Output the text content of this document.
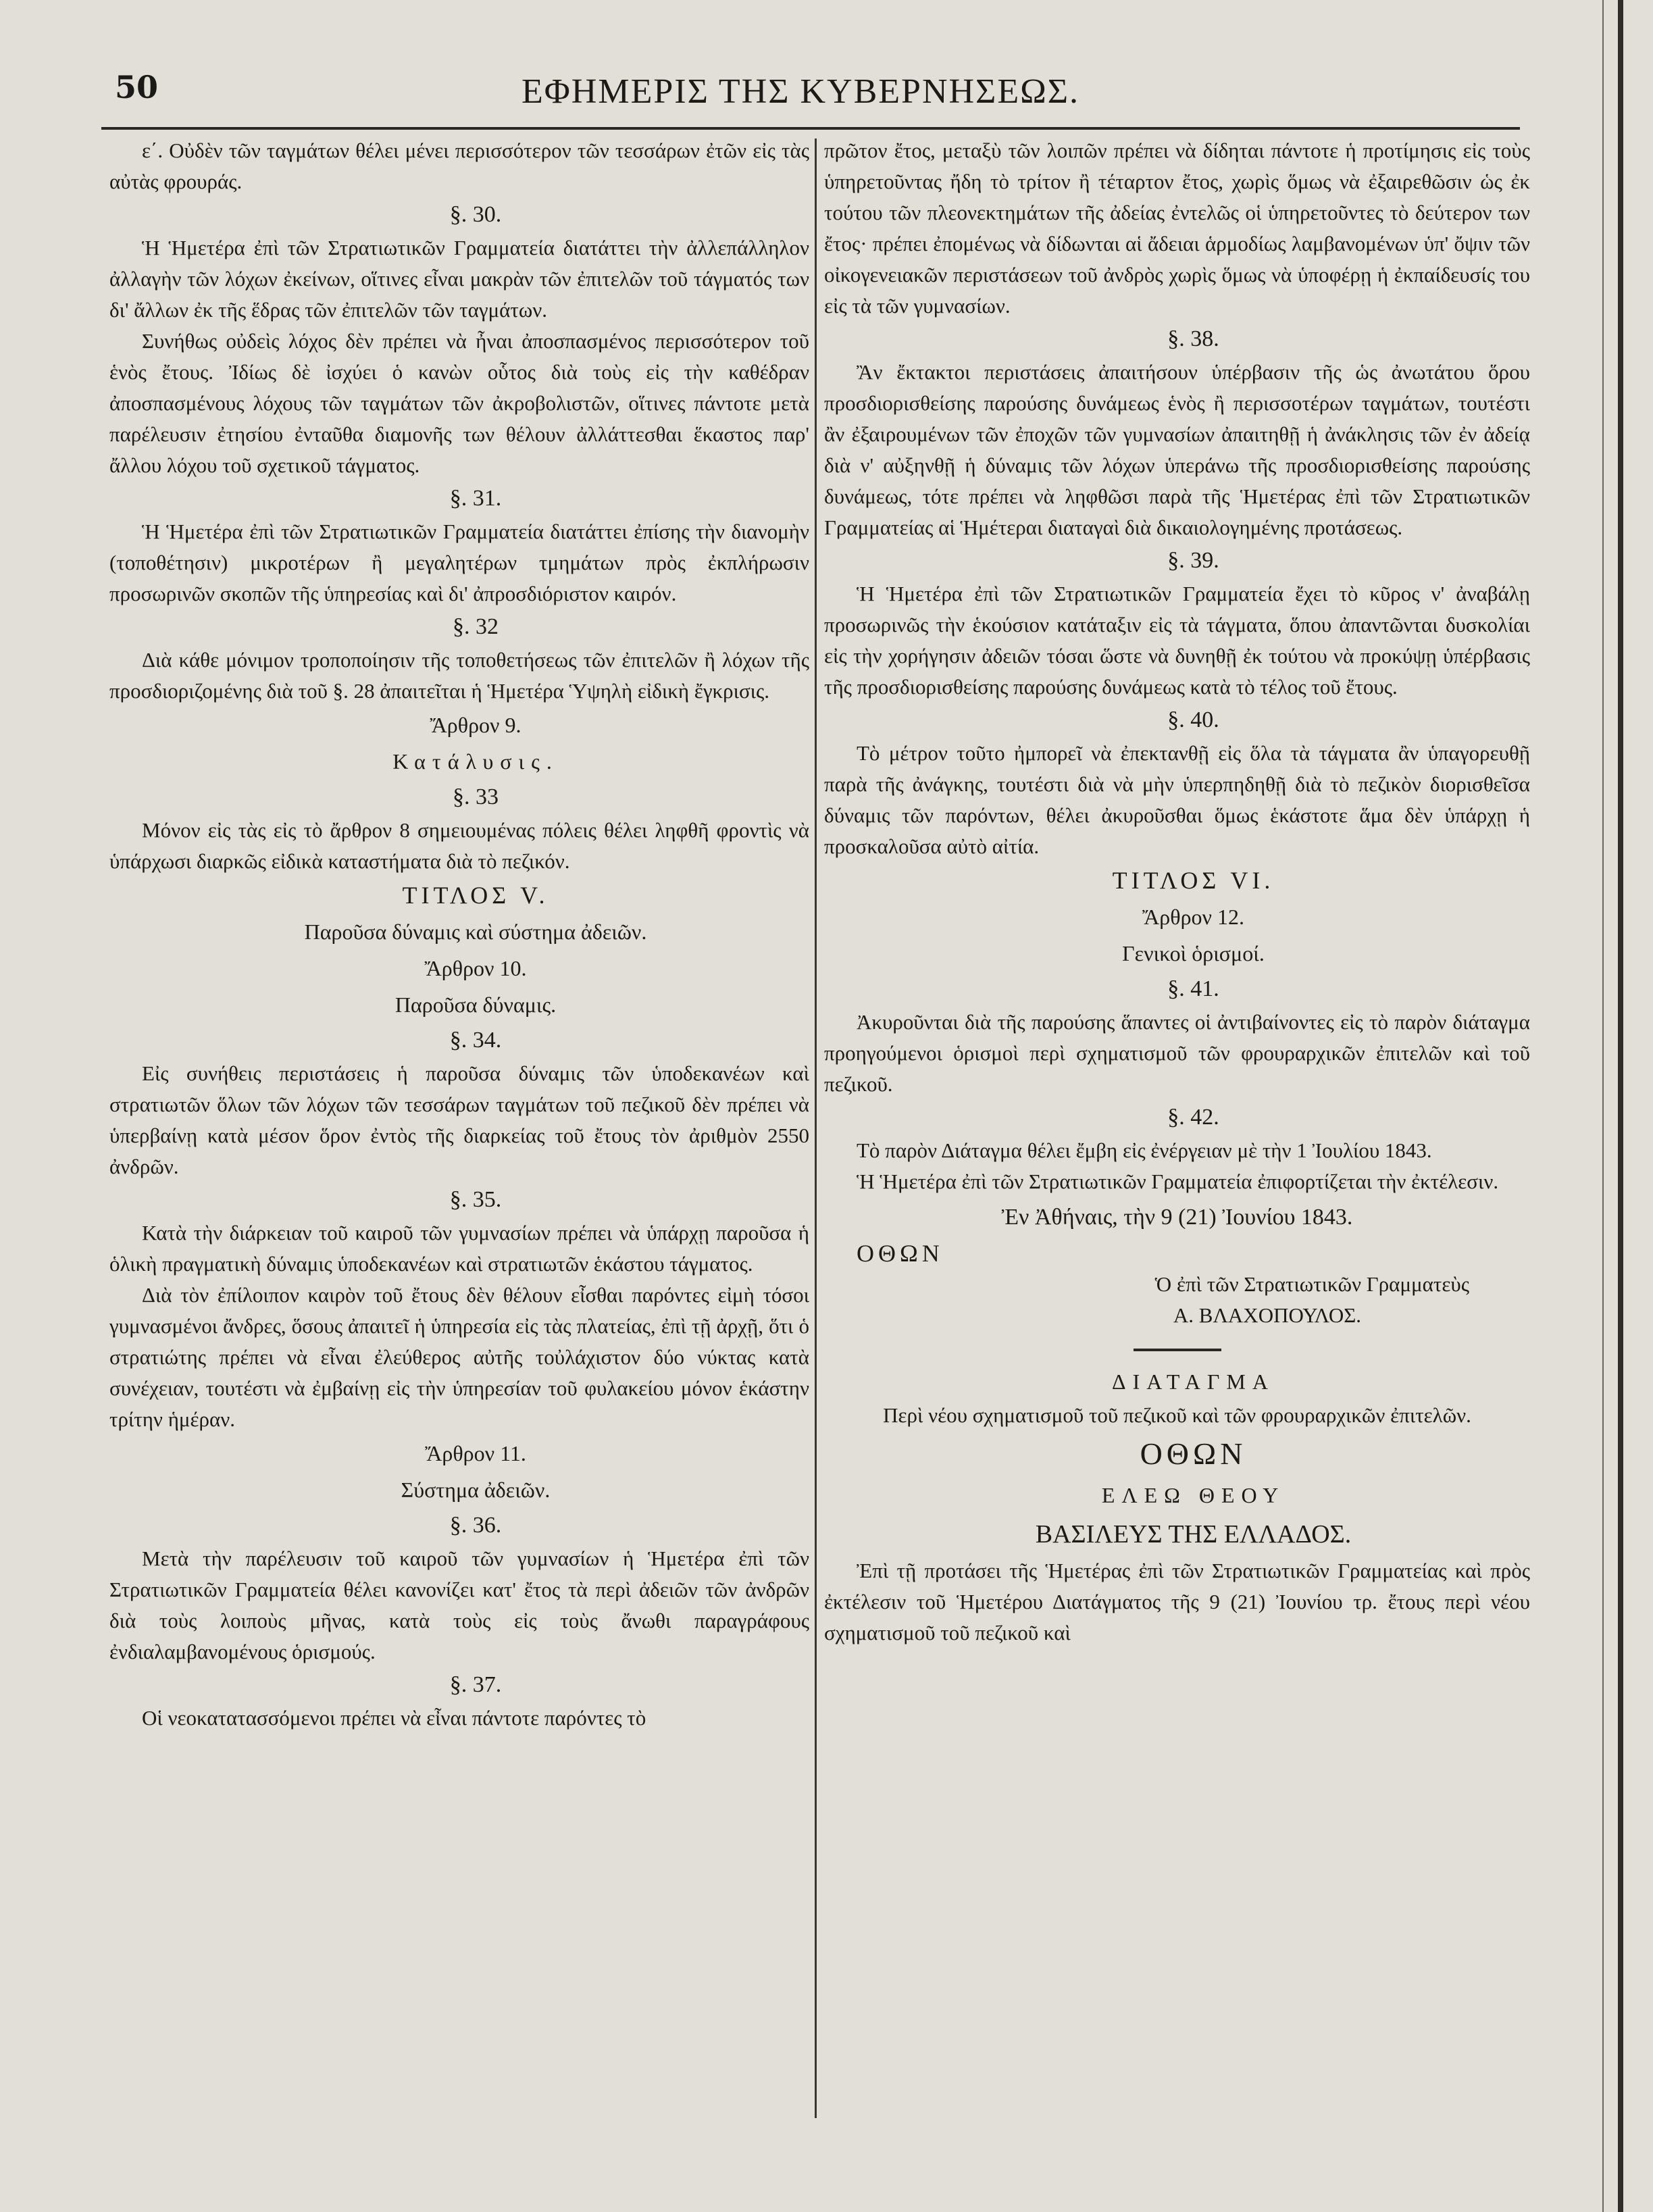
50	ΕΦΗΜΕΡΙΣ ΤΗΣ ΚΥΒΕΡΝΗΣΕΩΣ.

ε΄. Οὐδὲν τῶν ταγμάτων θέλει μένει περισσότερον τῶν τεσσάρων ἐτῶν εἰς τὰς αὐτὰς φρουράς.

§. 30.

Ἡ Ἡμετέρα ἐπὶ τῶν Στρατιωτικῶν Γραμματεία διατάττει τὴν ἀλλεπάλληλον ἀλλαγὴν τῶν λόχων ἐκείνων, οἵτινες εἶναι μακρὰν τῶν ἐπιτελῶν τοῦ τάγματός των δι' ἄλλων ἐκ τῆς ἕδρας τῶν ἐπιτελῶν τῶν ταγμάτων.

Συνήθως οὐδεὶς λόχος δὲν πρέπει νὰ ἦναι ἀποσπασμένος περισσότερον τοῦ ἑνὸς ἔτους. Ἰδίως δὲ ἰσχύει ὁ κανὼν οὗτος διὰ τοὺς εἰς τὴν καθέδραν ἀποσπασμένους λόχους τῶν ταγμάτων τῶν ἀκροβολιστῶν, οἵτινες πάντοτε μετὰ παρέλευσιν ἐτησίου ἐνταῦθα διαμονῆς των θέλουν ἀλλάττεσθαι ἕκαστος παρ' ἄλλου λόχου τοῦ σχετικοῦ τάγματος.

§. 31.

Ἡ Ἡμετέρα ἐπὶ τῶν Στρατιωτικῶν Γραμματεία διατάττει ἐπίσης τὴν διανομὴν (τοποθέτησιν) μικροτέρων ἢ μεγαλητέρων τμημάτων πρὸς ἐκπλήρωσιν προσωρινῶν σκοπῶν τῆς ὑπηρεσίας καὶ δι' ἀπροσδιόριστον καιρόν.

§. 32

Διὰ κάθε μόνιμον τροποποίησιν τῆς τοποθετήσεως τῶν ἐπιτελῶν ἢ λόχων τῆς προσδιοριζομένης διὰ τοῦ §. 28 ἀπαιτεῖται ἡ Ἡμετέρα Ὑψηλὴ εἰδικὴ ἔγκρισις.

Ἄρθρον 9.

Κατάλυσις.

§. 33

Μόνον εἰς τὰς εἰς τὸ ἄρθρον 8 σημειουμένας πόλεις θέλει ληφθῆ φροντὶς νὰ ὑπάρχωσι διαρκῶς εἰδικὰ καταστήματα διὰ τὸ πεζικόν.

ΤΙΤΛΟΣ V.

Παροῦσα δύναμις καὶ σύστημα ἀδειῶν.

Ἄρθρον 10.

Παροῦσα δύναμις.

§. 34.

Εἰς συνήθεις περιστάσεις ἡ παροῦσα δύναμις τῶν ὑποδεκανέων καὶ στρατιωτῶν ὅλων τῶν λόχων τῶν τεσσάρων ταγμάτων τοῦ πεζικοῦ δὲν πρέπει νὰ ὑπερβαίνῃ κατὰ μέσον ὅρον ἐντὸς τῆς διαρκείας τοῦ ἔτους τὸν ἀριθμὸν 2550 ἀνδρῶν.

§. 35.

Κατὰ τὴν διάρκειαν τοῦ καιροῦ τῶν γυμνασίων πρέπει νὰ ὑπάρχῃ παροῦσα ἡ ὁλικὴ πραγματικὴ δύναμις ὑποδεκανέων καὶ στρατιωτῶν ἑκάστου τάγματος.

Διὰ τὸν ἐπίλοιπον καιρὸν τοῦ ἔτους δὲν θέλουν εἶσθαι παρόντες εἰμὴ τόσοι γυμνασμένοι ἄνδρες, ὅσους ἀπαιτεῖ ἡ ὑπηρεσία εἰς τὰς πλατείας, ἐπὶ τῇ ἀρχῇ, ὅτι ὁ στρατιώτης πρέπει νὰ εἶναι ἐλεύθερος αὐτῆς τοὐλάχιστον δύο νύκτας κατὰ συνέχειαν, τουτέστι νὰ ἐμβαίνῃ εἰς τὴν ὑπηρεσίαν τοῦ φυλακείου μόνον ἑκάστην τρίτην ἡμέραν.

Ἄρθρον 11.

Σύστημα ἀδειῶν.

§. 36.

Μετὰ τὴν παρέλευσιν τοῦ καιροῦ τῶν γυμνασίων ἡ Ἡμετέρα ἐπὶ τῶν Στρατιωτικῶν Γραμματεία θέλει κανονίζει κατ' ἔτος τὰ περὶ ἀδειῶν τῶν ἀνδρῶν διὰ τοὺς λοιποὺς μῆνας, κατὰ τοὺς εἰς τοὺς ἄνωθι παραγράφους ἐνδιαλαμβανομένους ὁρισμούς.

§. 37.

Οἱ νεοκατατασσόμενοι πρέπει νὰ εἶναι πάντοτε παρόντες τὸ

πρῶτον ἔτος, μεταξὺ τῶν λοιπῶν πρέπει νὰ δίδηται πάντοτε ἡ προτίμησις εἰς τοὺς ὑπηρετοῦντας ἤδη τὸ τρίτον ἢ τέταρτον ἔτος, χωρὶς ὅμως νὰ ἐξαιρεθῶσιν ὡς ἐκ τούτου τῶν πλεονεκτημάτων τῆς ἀδείας ἐντελῶς οἱ ὑπηρετοῦντες τὸ δεύτερον των ἔτος· πρέπει ἐπομένως νὰ δίδωνται αἱ ἄδειαι ἁρμοδίως λαμβανομένων ὑπ' ὄψιν τῶν οἰκογενειακῶν περιστάσεων τοῦ ἀνδρὸς χωρὶς ὅμως νὰ ὑποφέρῃ ἡ ἐκπαίδευσίς του εἰς τὰ τῶν γυμνασίων.

§. 38.

Ἂν ἔκτακτοι περιστάσεις ἀπαιτήσουν ὑπέρβασιν τῆς ὡς ἀνωτάτου ὅρου προσδιορισθείσης παρούσης δυνάμεως ἑνὸς ἢ περισσοτέρων ταγμάτων, τουτέστι ἂν ἐξαιρουμένων τῶν ἐποχῶν τῶν γυμνασίων ἀπαιτηθῇ ἡ ἀνάκλησις τῶν ἐν ἀδείᾳ διὰ ν' αὐξηνθῇ ἡ δύναμις τῶν λόχων ὑπεράνω τῆς προσδιορισθείσης παρούσης δυνάμεως, τότε πρέπει νὰ ληφθῶσι παρὰ τῆς Ἡμετέρας ἐπὶ τῶν Στρατιωτικῶν Γραμματείας αἱ Ἡμέτεραι διαταγαὶ διὰ δικαιολογημένης προτάσεως.

§. 39.

Ἡ Ἡμετέρα ἐπὶ τῶν Στρατιωτικῶν Γραμματεία ἔχει τὸ κῦρος ν' ἀναβάλῃ προσωρινῶς τὴν ἑκούσιον κατάταξιν εἰς τὰ τάγματα, ὅπου ἀπαντῶνται δυσκολίαι εἰς τὴν χορήγησιν ἀδειῶν τόσαι ὥστε νὰ δυνηθῇ ἐκ τούτου νὰ προκύψῃ ὑπέρβασις τῆς προσδιορισθείσης παρούσης δυνάμεως κατὰ τὸ τέλος τοῦ ἔτους.

§. 40.

Τὸ μέτρον τοῦτο ἠμπορεῖ νὰ ἐπεκτανθῇ εἰς ὅλα τὰ τάγματα ἂν ὑπαγορευθῇ παρὰ τῆς ἀνάγκης, τουτέστι διὰ νὰ μὴν ὑπερπηδηθῇ διὰ τὸ πεζικὸν διορισθεῖσα δύναμις τῶν παρόντων, θέλει ἀκυροῦσθαι ὅμως ἑκάστοτε ἅμα δὲν ὑπάρχῃ ἡ προσκαλοῦσα αὐτὸ αἰτία.

ΤΙΤΛΟΣ VI.

Ἄρθρον 12.

Γενικοὶ ὁρισμοί.

§. 41.

Ἀκυροῦνται διὰ τῆς παρούσης ἅπαντες οἱ ἀντιβαίνοντες εἰς τὸ παρὸν διάταγμα προηγούμενοι ὁρισμοὶ περὶ σχηματισμοῦ τῶν φρουραρχικῶν ἐπιτελῶν καὶ τοῦ πεζικοῦ.

§. 42.

Τὸ παρὸν Διάταγμα θέλει ἔμβη εἰς ἐνέργειαν μὲ τὴν 1 Ἰουλίου 1843.

Ἡ Ἡμετέρα ἐπὶ τῶν Στρατιωτικῶν Γραμματεία ἐπιφορτίζεται τὴν ἐκτέλεσιν.

Ἐν Ἀθήναις, τὴν 9 (21) Ἰουνίου 1843.

ΟΘΩΝ

Ὁ ἐπὶ τῶν Στρατιωτικῶν Γραμματεὺς

Α. ΒΛΑΧΟΠΟΥΛΟΣ.

ΔΙΑΤΑΓΜΑ

Περὶ νέου σχηματισμοῦ τοῦ πεζικοῦ καὶ τῶν φρουραρχικῶν ἐπιτελῶν.

ΟΘΩΝ

ΕΛΕΩ ΘΕΟΥ

ΒΑΣΙΛΕΥΣ ΤΗΣ ΕΛΛΑΔΟΣ.

Ἐπὶ τῇ προτάσει τῆς Ἡμετέρας ἐπὶ τῶν Στρατιωτικῶν Γραμματείας καὶ πρὸς ἐκτέλεσιν τοῦ Ἡμετέρου Διατάγματος τῆς 9 (21) Ἰουνίου τρ. ἔτους περὶ νέου σχηματισμοῦ τοῦ πεζικοῦ καὶ
